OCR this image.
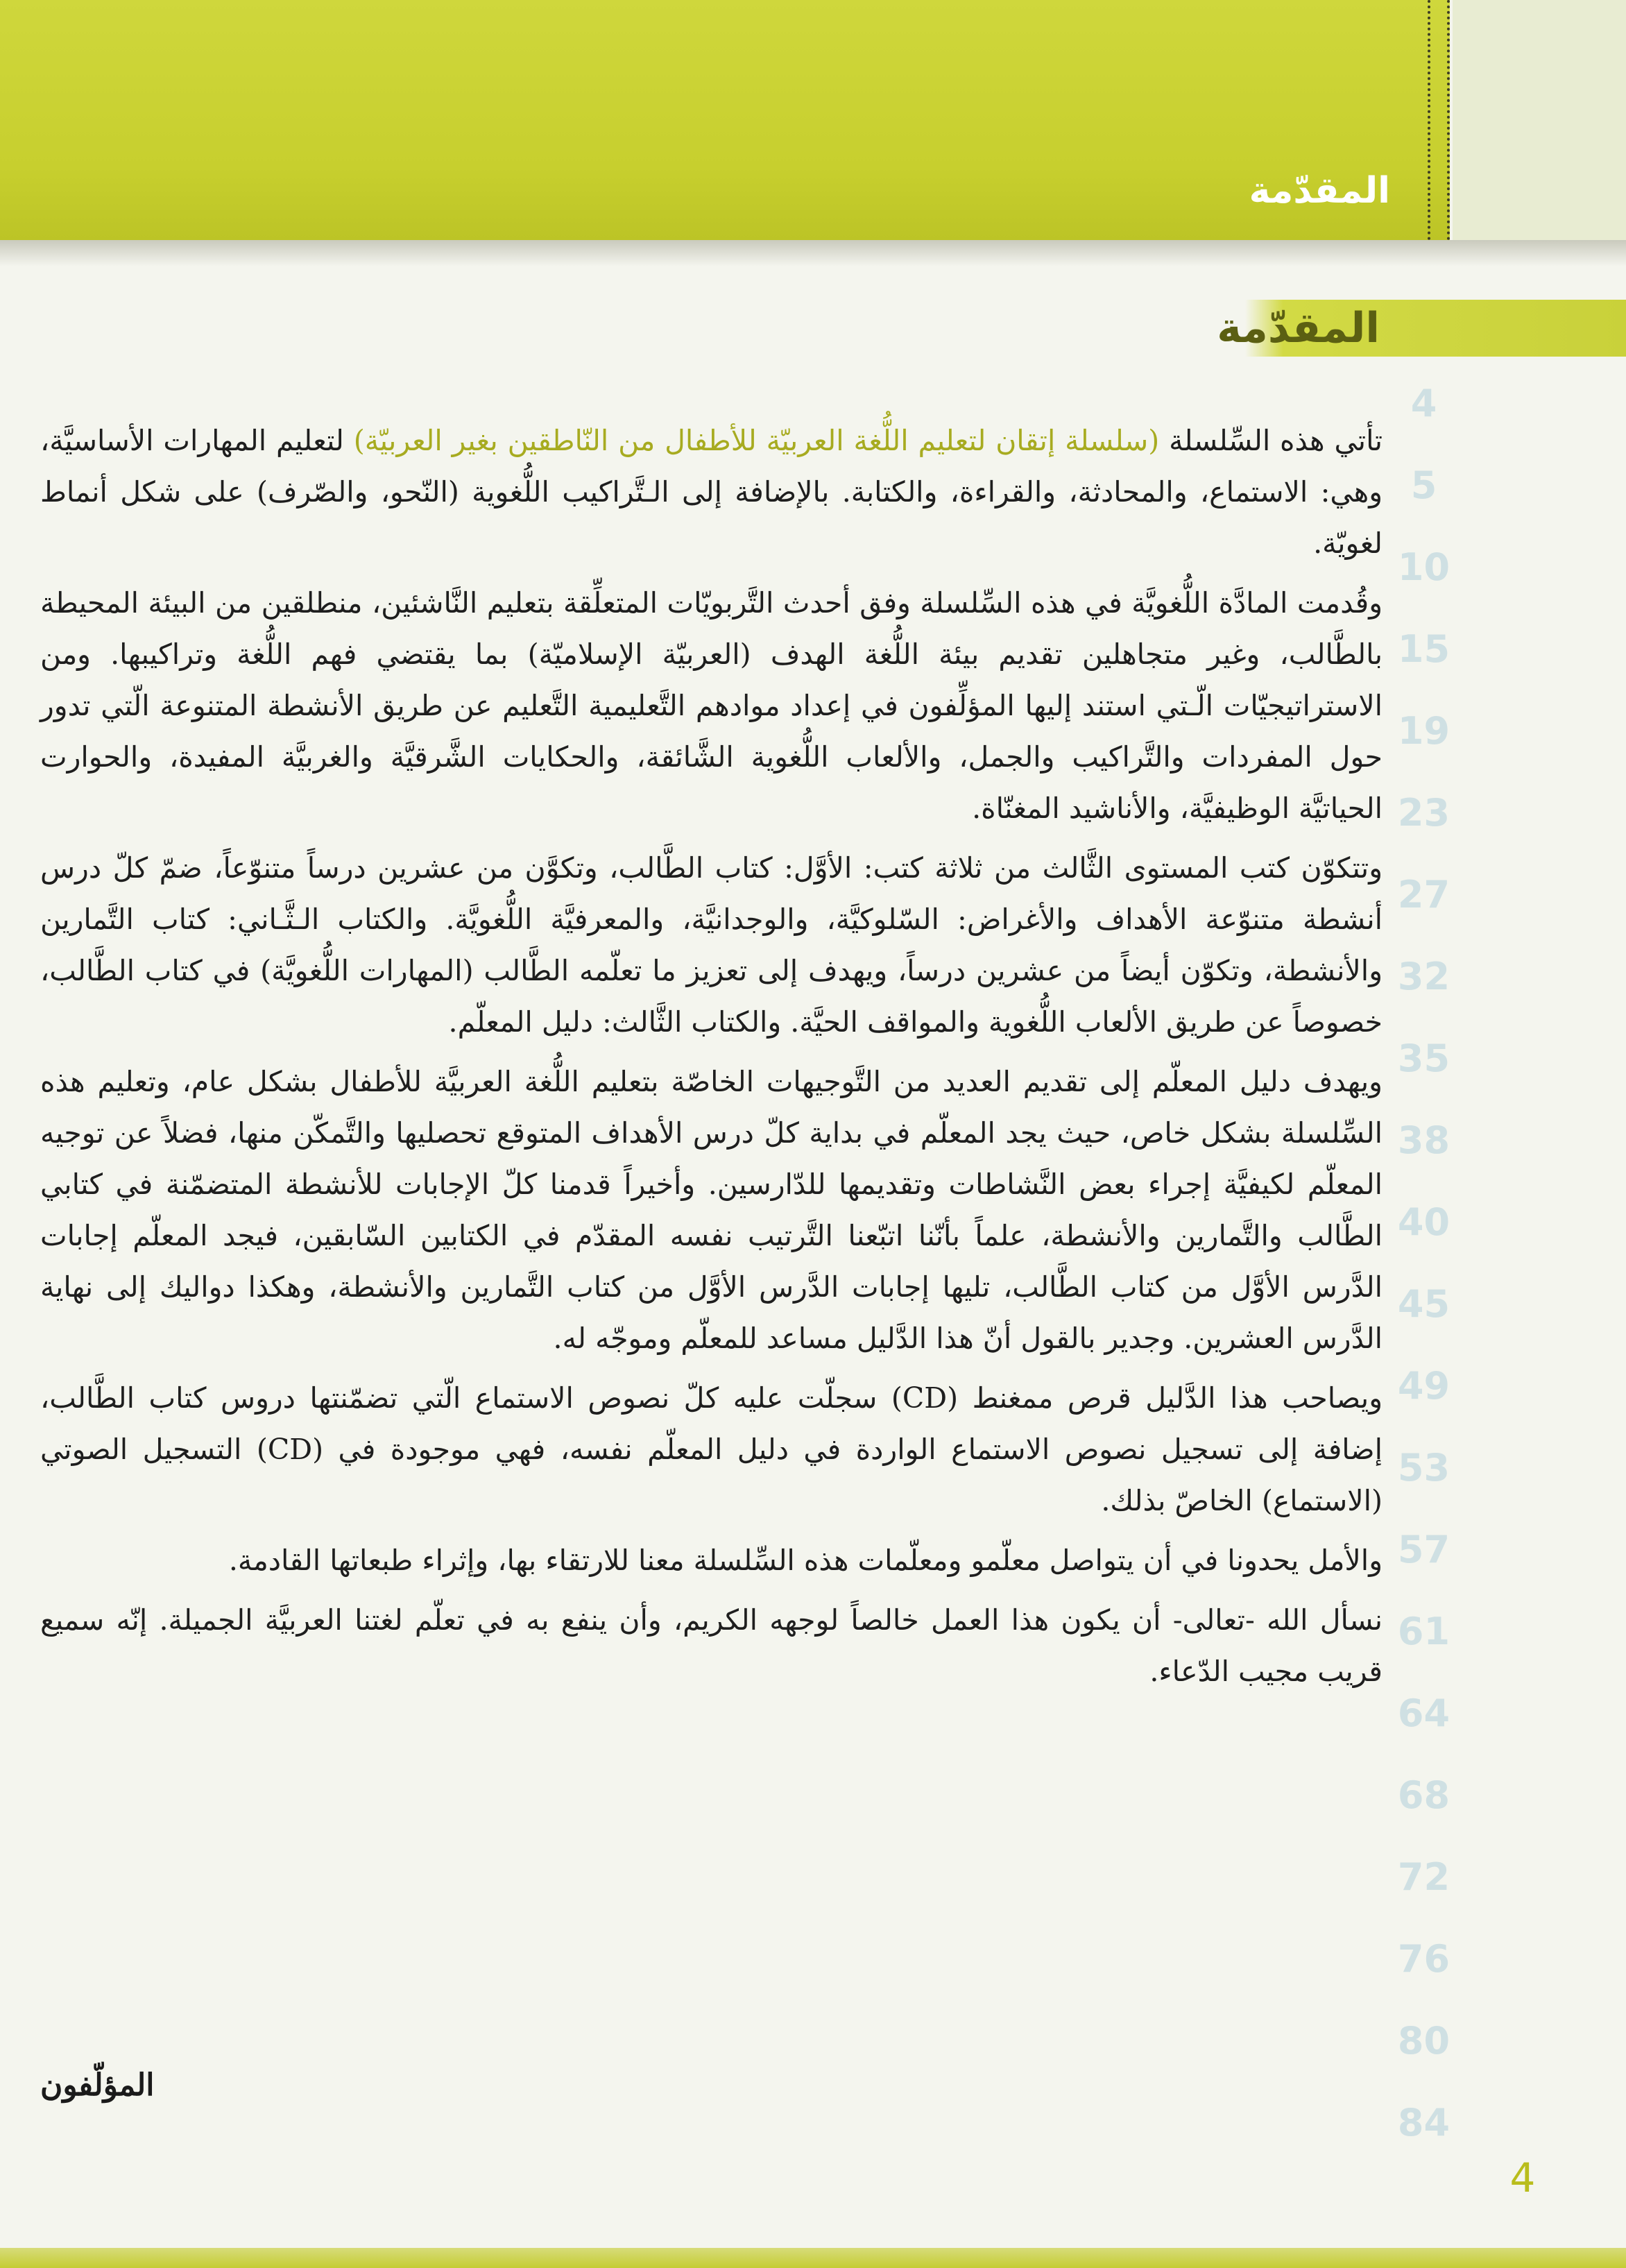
المقدّمة
المقدّمة
4
5
10
15
19
23
27
32
35
38
40
45
49
53
57
61
64
68
72
76
80
84

تأتي هذه السِّلسلة (سلسلة إتقان لتعليم اللُّغة العربيّة للأطفال من النّاطقين بغير العربيّة) لتعليم المهارات الأساسيَّة، وهي: الاستماع، والمحادثة، والقراءة، والكتابة. بالإضافة إلى الـتَّراكيب اللُّغوية (النّحو، والصّرف) على شكل أنماط لغويّة.

وقُدمت المادَّة اللُّغويَّة في هذه السِّلسلة وفق أحدث التَّربويّات المتعلِّقة بتعليم النَّاشئين، منطلقين من البيئة المحيطة بالطَّالب، وغير متجاهلين تقديم بيئة اللُّغة الهدف (العربيّة الإسلاميّة) بما يقتضي فهم اللُّغة وتراكيبها. ومن الاستراتيجيّات الّـتي استند إليها المؤلِّفون في إعداد موادهم التَّعليمية التَّعليم عن طريق الأنشطة المتنوعة الّتي تدور حول المفردات والتَّراكيب والجمل، والألعاب اللُّغوية الشَّائقة، والحكايات الشَّرقيَّة والغربيَّة المفيدة، والحوارت الحياتيَّة الوظيفيَّة، والأناشيد المغنّاة.

وتتكوّن كتب المستوى الثَّالث من ثلاثة كتب: الأوَّل: كتاب الطَّالب، وتكوَّن من عشرين درساً متنوّعاً، ضمّ كلّ درس أنشطة متنوّعة الأهداف والأغراض: السّلوكيَّة، والوجدانيَّة، والمعرفيَّة اللُّغويَّة. والكتاب الـثَّـاني: كتاب التَّمارين والأنشطة، وتكوّن أيضاً من عشرين درساً، ويهدف إلى تعزيز ما تعلّمه الطَّالب (المهارات اللُّغويَّة) في كتاب الطَّالب، خصوصاً عن طريق الألعاب اللُّغوية والمواقف الحيَّة. والكتاب الثَّالث: دليل المعلّم.

ويهدف دليل المعلّم إلى تقديم العديد من التَّوجيهات الخاصّة بتعليم اللُّغة العربيَّة للأطفال بشكل عام، وتعليم هذه السِّلسلة بشكل خاص، حيث يجد المعلّم في بداية كلّ درس الأهداف المتوقع تحصليها والتَّمكّن منها، فضلاً عن توجيه المعلّم لكيفيَّة إجراء بعض النَّشاطات وتقديمها للدّارسين. وأخيراً قدمنا كلّ الإجابات للأنشطة المتضمّنة في كتابي الطَّالب والتَّمارين والأنشطة، علماً بأنّنا اتبّعنا التَّرتيب نفسه المقدّم في الكتابين السّابقين، فيجد المعلّم إجابات الدَّرس الأوَّل من كتاب الطَّالب، تليها إجابات الدَّرس الأوَّل من كتاب التَّمارين والأنشطة، وهكذا دواليك إلى نهاية الدَّرس العشرين. وجدير بالقول أنّ هذا الدَّليل مساعد للمعلّم وموجّه له.

ويصاحب هذا الدَّليل قرص ممغنط (CD) سجلّت عليه كلّ نصوص الاستماع الّتي تضمّنتها دروس كتاب الطَّالب، إضافة إلى تسجيل نصوص الاستماع الواردة في دليل المعلّم نفسه، فهي موجودة في (CD) التسجيل الصوتي (الاستماع) الخاصّ بذلك.

والأمل يحدونا في أن يتواصل معلّمو ومعلّمات هذه السِّلسلة معنا للارتقاء بها، وإثراء طبعاتها القادمة.

نسأل الله -تعالى- أن يكون هذا العمل خالصاً لوجهه الكريم، وأن ينفع به في تعلّم لغتنا العربيَّة الجميلة. إنّه سميع قريب مجيب الدّعاء.

المؤلّفون
4
